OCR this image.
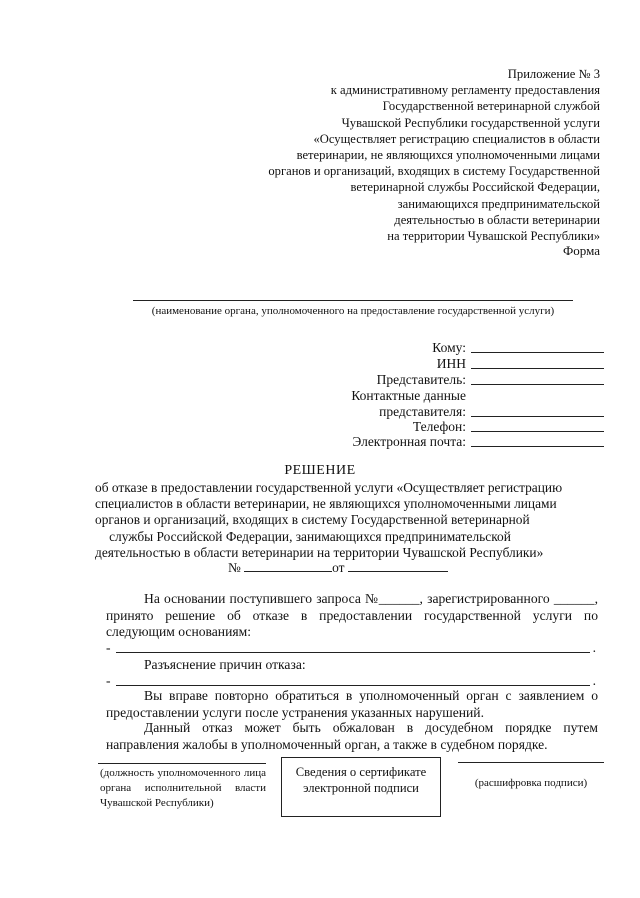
Приложение № 3
к административному регламенту предоставления
Государственной ветеринарной службой
Чувашской Республики государственной услуги
«Осуществляет регистрацию специалистов в области
ветеринарии, не являющихся уполномоченными лицами
органов и организаций, входящих в систему Государственной
ветеринарной службы Российской Федерации,
занимающихся предпринимательской
деятельностью в области ветеринарии
на территории Чувашской Республики»
Форма
(наименование органа, уполномоченного на предоставление государственной услуги)
Кому:
ИНН
Представитель:
Контактные данные
представителя:
Телефон:
Электронная почта:
РЕШЕНИЕ
об отказе в предоставлении государственной услуги «Осуществляет регистрацию
специалистов в области ветеринарии, не являющихся уполномоченными лицами
органов и организаций, входящих в систему Государственной ветеринарной
службы Российской Федерации, занимающихся предпринимательской
деятельностью в области ветеринарии на территории Чувашской Республики»
№	от
На основании поступившего запроса №______, зарегистрированного ______, принято решение об отказе в предоставлении государственной услуги по следующим основаниям:
-	.
Разъяснение причин отказа:
-	.
Вы вправе повторно обратиться в уполномоченный орган с заявлением о предоставлении услуги после устранения указанных нарушений.
Данный отказ может быть обжалован в досудебном порядке путем направления жалобы в уполномоченный орган, а также в судебном порядке.
(должность уполномоченного лица органа исполнительной власти Чувашской Республики)
Сведения о сертификате
электронной подписи	(расшифровка подписи)
